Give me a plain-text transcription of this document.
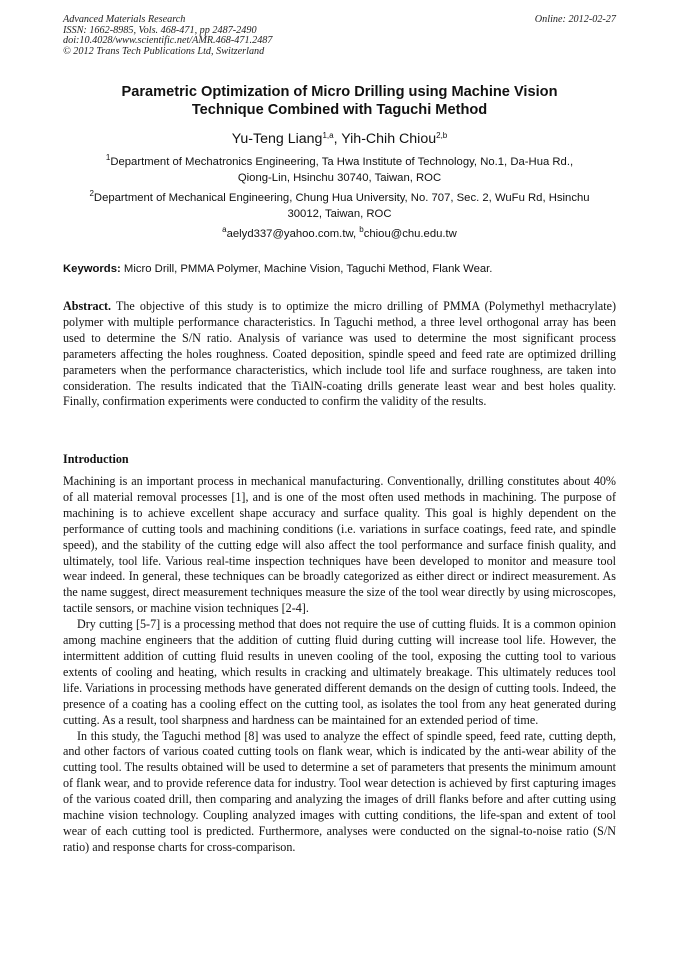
Advanced Materials Research
ISSN: 1662-8985, Vols. 468-471, pp 2487-2490
doi:10.4028/www.scientific.net/AMR.468-471.2487
© 2012 Trans Tech Publications Ltd, Switzerland
Online: 2012-02-27
Parametric Optimization of Micro Drilling using Machine Vision
Technique Combined with Taguchi Method
Yu-Teng Liang$^{1,a}$, Yih-Chih Chiou$^{2,b}$
$^1$Department of Mechatronics Engineering, Ta Hwa Institute of Technology, No.1, Da-Hua Rd.,
Qiong-Lin, Hsinchu 30740, Taiwan, ROC
$^2$Department of Mechanical Engineering, Chung Hua University, No. 707, Sec. 2, WuFu Rd, Hsinchu
30012, Taiwan, ROC
$^a$aelyd337@yahoo.com.tw, $^b$chiou@chu.edu.tw
Keywords: Micro Drill, PMMA Polymer, Machine Vision, Taguchi Method, Flank Wear.
Abstract. The objective of this study is to optimize the micro drilling of PMMA (Polymethyl methacrylate) polymer with multiple performance characteristics. In Taguchi method, a three level orthogonal array has been used to determine the S/N ratio. Analysis of variance was used to determine the most significant process parameters affecting the holes roughness. Coated deposition, spindle speed and feed rate are optimized drilling parameters when the performance characteristics, which include tool life and surface roughness, are taken into consideration. The results indicated that the TiAlN-coating drills generate least wear and best holes quality. Finally, confirmation experiments were conducted to confirm the validity of the results.
Introduction

Machining is an important process in mechanical manufacturing. Conventionally, drilling constitutes about 40% of all material removal processes [1], and is one of the most often used methods in machining. The purpose of machining is to achieve excellent shape accuracy and surface quality. This goal is highly dependent on the performance of cutting tools and machining conditions (i.e. variations in surface coatings, feed rate, and spindle speed), and the stability of the cutting edge will also affect the tool performance and surface finish quality, and ultimately, tool life. Various real-time inspection techniques have been developed to monitor and measure tool wear indeed. In general, these techniques can be broadly categorized as either direct or indirect measurement. As the name suggest, direct measurement techniques measure the size of the tool wear directly by using microscopes, tactile sensors, or machine vision techniques [2-4].

Dry cutting [5-7] is a processing method that does not require the use of cutting fluids. It is a common opinion among machine engineers that the addition of cutting fluid during cutting will increase tool life. However, the intermittent addition of cutting fluid results in uneven cooling of the tool, exposing the cutting tool to various extents of cooling and heating, which results in cracking and ultimately breakage. This ultimately reduces tool life. Variations in processing methods have generated different demands on the design of cutting tools. Indeed, the presence of a coating has a cooling effect on the cutting tool, as isolates the tool from any heat generated during cutting. As a result, tool sharpness and hardness can be maintained for an extended period of time.

In this study, the Taguchi method [8] was used to analyze the effect of spindle speed, feed rate, cutting depth, and other factors of various coated cutting tools on flank wear, which is indicated by the anti-wear ability of the cutting tool. The results obtained will be used to determine a set of parameters that presents the minimum amount of flank wear, and to provide reference data for industry. Tool wear detection is achieved by first capturing images of the various coated drill, then comparing and analyzing the images of drill flanks before and after cutting using machine vision technology. Coupling analyzed images with cutting conditions, the life-span and extent of tool wear of each cutting tool is predicted. Furthermore, analyses were conducted on the signal-to-noise ratio (S/N ratio) and response charts for cross-comparison.
